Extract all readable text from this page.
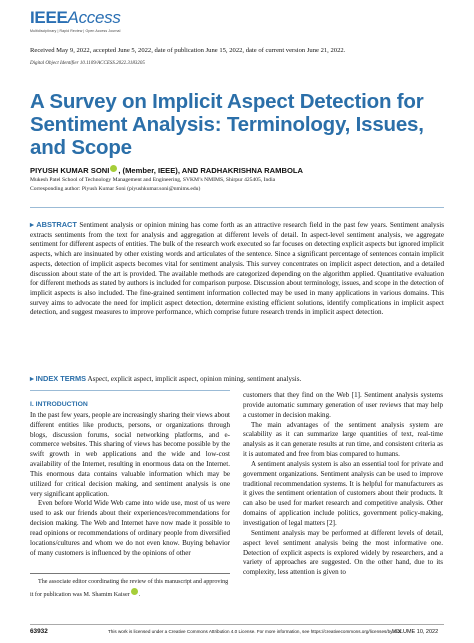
IEEEAccess
Multidisciplinary | Rapid Review | Open Access Journal
Received May 9, 2022, accepted June 5, 2022, date of publication June 15, 2022, date of current version June 21, 2022.
Digital Object Identifier 10.1109/ACCESS.2022.3183205
A Survey on Implicit Aspect Detection for Sentiment Analysis: Terminology, Issues, and Scope
PIYUSH KUMAR SONI , (Member, IEEE), AND RADHAKRISHNA RAMBOLA
Mukesh Patel School of Technology Management and Engineering, SVKM’s NMIMS, Shirpur 425405, India
Corresponding author: Piyush Kumar Soni (piyushkumar.soni@nmims.edu)
▸ ABSTRACT Sentiment analysis or opinion mining has come forth as an attractive research field in the past few years. Sentiment analysis extracts sentiments from the text for analysis and aggregation at different levels of detail. In aspect-level sentiment analysis, we aggregate sentiment for different aspects of entities. The bulk of the research work executed so far focuses on detecting explicit aspects but ignored implicit aspects, which are insinuated by other existing words and articulates of the sentence. Since a significant percentage of sentences contain implicit aspects, detection of implicit aspects becomes vital for sentiment analysis. This survey concentrates on implicit aspect detection, and a detailed discussion about state of the art is provided. The available methods are categorized depending on the algorithm applied. Quantitative evaluation for different methods as stated by authors is included for comparison purpose. Discussion about terminology, issues, and scope in the detection of implicit aspects is also included. The fine-grained sentiment information collected may be used in many applications in various domains. This survey aims to advocate the need for implicit aspect detection, determine existing efficient solutions, identify complications in implicit aspect detection, and suggest measures to improve performance, which comprise future research trends in implicit aspect detection.
▸ INDEX TERMS Aspect, explicit aspect, implicit aspect, opinion mining, sentiment analysis.
I. INTRODUCTION

In the past few years, people are increasingly sharing their views about different entities like products, persons, or organizations through blogs, discussion forums, social networking platforms, and e-commerce websites. This sharing of views has become possible by the swift growth in web applications and the wide and low-cost availability of the Internet, resulting in enormous data on the Internet. This enormous data contains valuable information which may be utilized for critical decision making, and sentiment analysis is one very significant application.

Even before World Wide Web came into wide use, most of us were used to ask our friends about their experiences/recommendations for decision making. The Web and Internet have now made it possible to read opinions or recommendations of ordinary people from diversified locations/cultures and whom we do not even know. Buying behavior of many customers is influenced by the opinions of other

The associate editor coordinating the review of this manuscript and approving it for publication was M. Shamim Kaiser .

customers that they find on the Web [1]. Sentiment analysis systems provide automatic summary generation of user reviews that may help a customer in decision making.

The main advantages of the sentiment analysis system are scalability as it can summarize large quantities of text, real-time analysis as it can generate results at run time, and consistent criteria as it is automated and free from bias compared to humans.

A sentiment analysis system is also an essential tool for private and government organizations. Sentiment analysis can be used to improve traditional recommendation systems. It is helpful for manufacturers as it gives the sentiment orientation of customers about their products. It can also be used for market research and competitive analysis. Other domains of application include politics, government policy-making, investigation of legal matters [2].

Sentiment analysis may be performed at different levels of detail, aspect level sentiment analysis being the most informative one. Detection of explicit aspects is explored widely by researchers, and a variety of approaches are suggested. On the other hand, due to its complexity, less attention is given to

63932	This work is licensed under a Creative Commons Attribution 4.0 License. For more information, see https://creativecommons.org/licenses/by/4.0/
VOLUME 10, 2022
